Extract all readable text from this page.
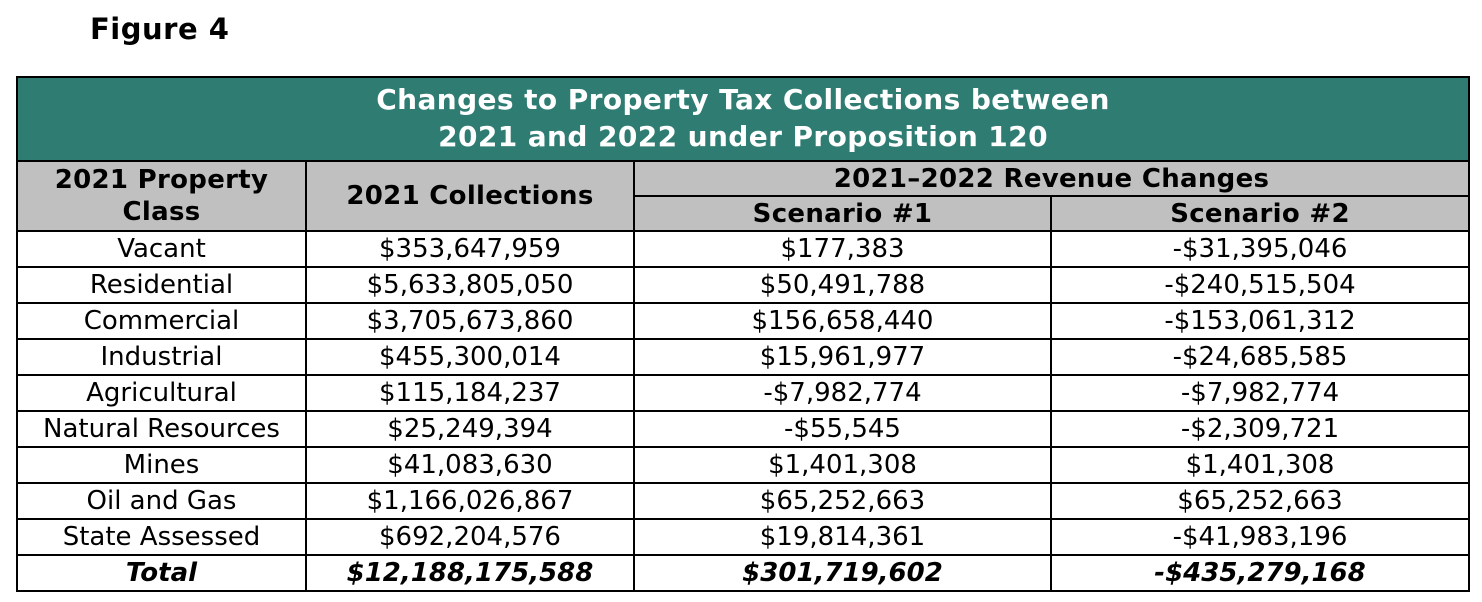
Figure 4
Changes to Property Tax Collections between
2021 and 2022 under Proposition 120			
2021 Property
Class	2021 Collections	2021–2022 Revenue Changes	
		Scenario #1	Scenario #2
Vacant	$353,647,959	$177,383	-$31,395,046
Residential	$5,633,805,050	$50,491,788	-$240,515,504
Commercial	$3,705,673,860	$156,658,440	-$153,061,312
Industrial	$455,300,014	$15,961,977	-$24,685,585
Agricultural	$115,184,237	-$7,982,774	-$7,982,774
Natural Resources	$25,249,394	-$55,545	-$2,309,721
Mines	$41,083,630	$1,401,308	$1,401,308
Oil and Gas	$1,166,026,867	$65,252,663	$65,252,663
State Assessed	$692,204,576	$19,814,361	-$41,983,196
Total	$12,188,175,588	$301,719,602	-$435,279,168
